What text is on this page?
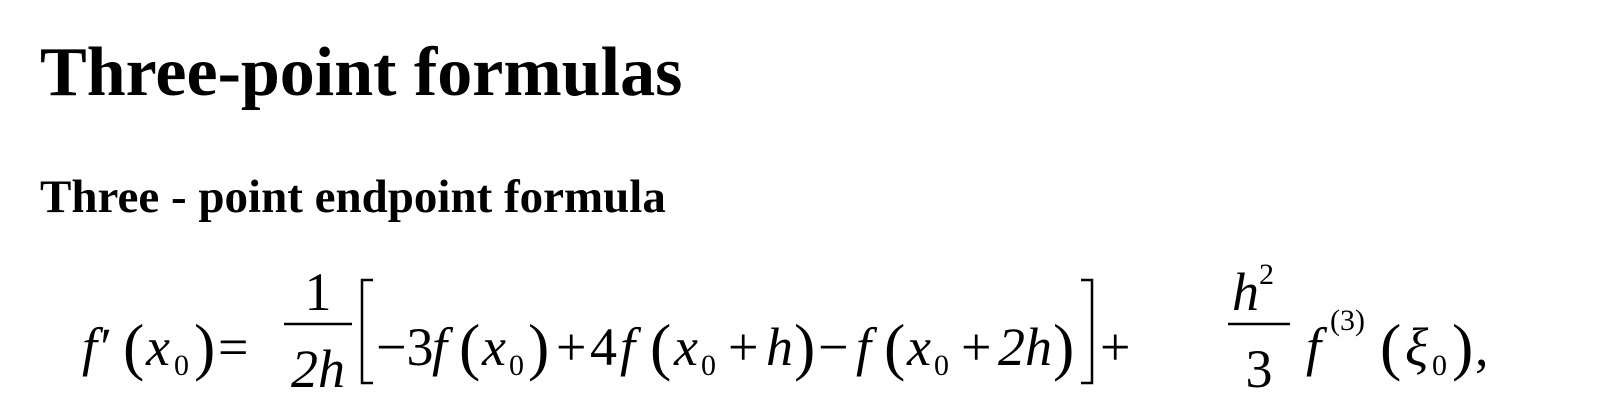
Three-point formulas
Three - point endpoint formula
f′ ( x 0 ) =
1
2h −3
f ( x 0 ) + 4 f ( x 0 + h ) − f ( x 0 + 2h ) +
h 2
3 f (3) ( ξ 0 ) ,
